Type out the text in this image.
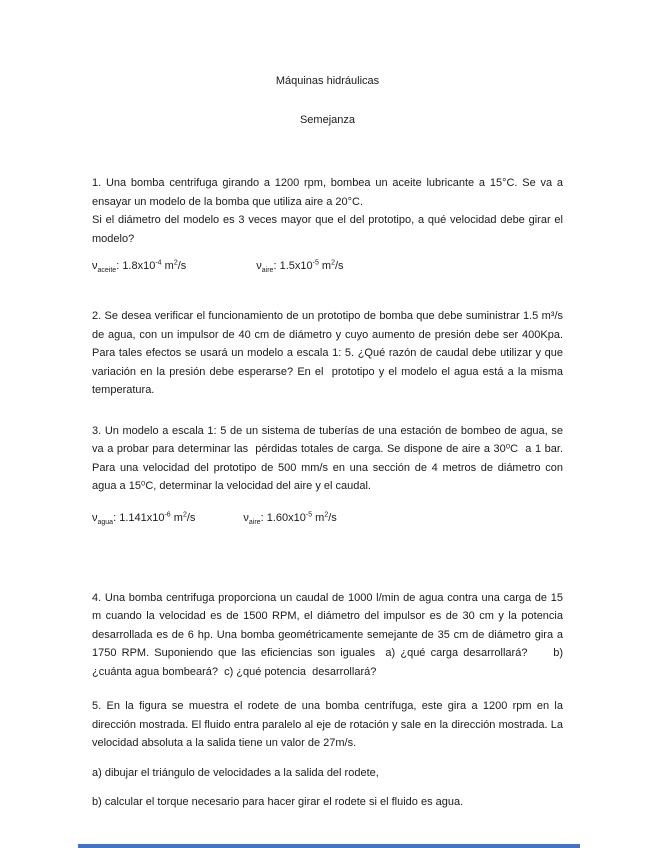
Máquinas hidráulicas

Semejanza

1. Una bomba centrifuga girando a 1200 rpm, bombea un aceite lubricante a 15°C. Se va a ensayar un modelo de la bomba que utiliza aire a 20°C.

Si el diámetro del modelo es 3 veces mayor que el del prototipo, a qué velocidad debe girar el modelo?

$\nu_{aceite}$: $1.8x10^{-4}$ $m^2/s$	$\nu_{aire}$: $1.5x10^{-5}$ $m^2/s$

2. Se desea verificar el funcionamiento de un prototipo de bomba que debe suministrar 1.5 m³/s de agua, con un impulsor de 40 cm de diámetro y cuyo aumento de presión debe ser 400Kpa. Para tales efectos se usará un modelo a escala 1: 5. ¿Qué razón de caudal debe utilizar y que variación en la presión debe esperarse? En el  prototipo y el modelo el agua está a la misma temperatura.

3. Un modelo a escala 1: 5 de un sistema de tuberías de una estación de bombeo de agua, se va a probar para determinar las  pérdidas totales de carga. Se dispone de aire a 30⁰C  a 1 bar. Para una velocidad del prototipo de 500 mm/s en una sección de 4 metros de diámetro con agua a 15⁰C, determinar la velocidad del aire y el caudal.

$\nu_{agua}$: $1.141x10^{-6}$ $m^2/s$	$\nu_{aire}$: $1.60x10^{-5}$ $m^2/s$

4. Una bomba centrifuga proporciona un caudal de 1000 l/min de agua contra una carga de 15 m cuando la velocidad es de 1500 RPM, el diámetro del impulsor es de 30 cm y la potencia desarrollada es de 6 hp. Una bomba geométricamente semejante de 35 cm de diámetro gira a 1750 RPM. Suponiendo que las eficiencias son iguales  a) ¿qué carga desarrollará?     b) ¿cuánta agua bombeará?  c) ¿qué potencia  desarrollará?

5. En la figura se muestra el rodete de una bomba centrífuga, este gira a 1200 rpm en la dirección mostrada. El fluido entra paralelo al eje de rotación y sale en la dirección mostrada. La velocidad absoluta a la salida tiene un valor de 27m/s.

a) dibujar el triángulo de velocidades a la salida del rodete,

b) calcular el torque necesario para hacer girar el rodete si el fluido es agua.
